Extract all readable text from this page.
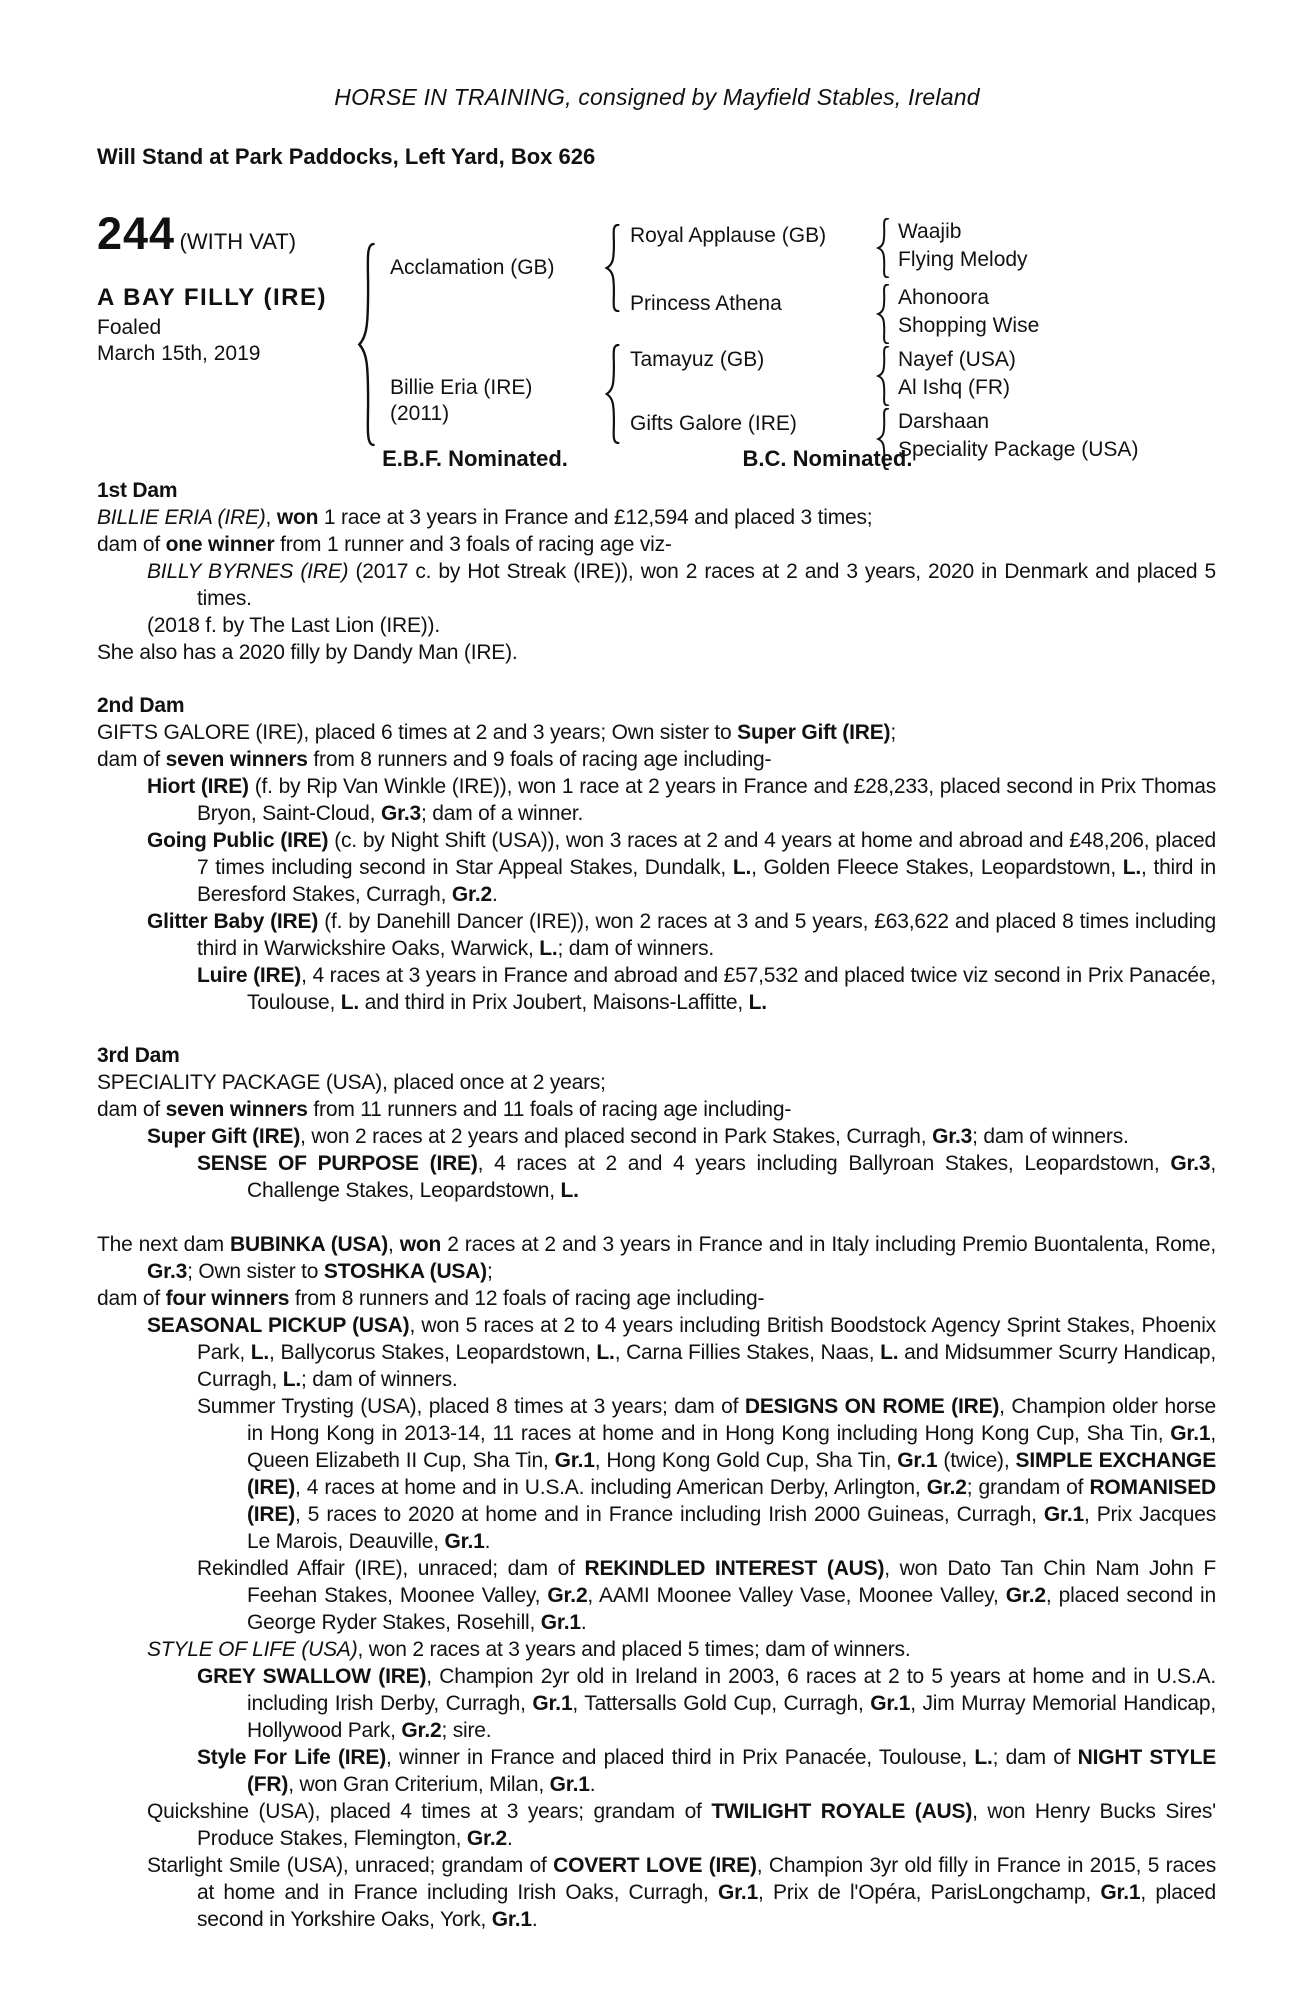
HORSE IN TRAINING, consigned by Mayfield Stables, Ireland
Will Stand at Park Paddocks, Left Yard, Box 626
244 (WITH VAT)
A BAY FILLY (IRE)
Foaled
March 15th, 2019
Acclamation (GB)
Billie Eria (IRE)
(2011)
Royal Applause (GB)
Princess Athena
Tamayuz (GB)
Gifts Galore (IRE)
Waajib
Flying Melody
Ahonoora
Shopping Wise
Nayef (USA)
Al Ishq (FR)
Darshaan
Speciality Package (USA)
E.B.F. Nominated.	B.C. Nominated.
1st Dam
BILLIE ERIA (IRE), won 1 race at 3 years in France and £12,594 and placed 3 times;
dam of one winner from 1 runner and 3 foals of racing age viz-
BILLY BYRNES (IRE) (2017 c. by Hot Streak (IRE)), won 2 races at 2 and 3 years, 2020 in Denmark and placed 5 times.
(2018 f. by The Last Lion (IRE)).
She also has a 2020 filly by Dandy Man (IRE).
2nd Dam
GIFTS GALORE (IRE), placed 6 times at 2 and 3 years; Own sister to Super Gift (IRE);
dam of seven winners from 8 runners and 9 foals of racing age including-
Hiort (IRE) (f. by Rip Van Winkle (IRE)), won 1 race at 2 years in France and £28,233, placed second in Prix Thomas Bryon, Saint-Cloud, Gr.3; dam of a winner.
Going Public (IRE) (c. by Night Shift (USA)), won 3 races at 2 and 4 years at home and abroad and £48,206, placed 7 times including second in Star Appeal Stakes, Dundalk, L., Golden Fleece Stakes, Leopardstown, L., third in Beresford Stakes, Curragh, Gr.2.
Glitter Baby (IRE) (f. by Danehill Dancer (IRE)), won 2 races at 3 and 5 years, £63,622 and placed 8 times including third in Warwickshire Oaks, Warwick, L.; dam of winners.
Luire (IRE), 4 races at 3 years in France and abroad and £57,532 and placed twice viz second in Prix Panacée, Toulouse, L. and third in Prix Joubert, Maisons-Laffitte, L.
3rd Dam
SPECIALITY PACKAGE (USA), placed once at 2 years;
dam of seven winners from 11 runners and 11 foals of racing age including-
Super Gift (IRE), won 2 races at 2 years and placed second in Park Stakes, Curragh, Gr.3; dam of winners.
SENSE OF PURPOSE (IRE), 4 races at 2 and 4 years including Ballyroan Stakes, Leopardstown, Gr.3, Challenge Stakes, Leopardstown, L.
The next dam BUBINKA (USA), won 2 races at 2 and 3 years in France and in Italy including Premio Buontalenta, Rome, Gr.3; Own sister to STOSHKA (USA);
dam of four winners from 8 runners and 12 foals of racing age including-
SEASONAL PICKUP (USA), won 5 races at 2 to 4 years including British Boodstock Agency Sprint Stakes, Phoenix Park, L., Ballycorus Stakes, Leopardstown, L., Carna Fillies Stakes, Naas, L. and Midsummer Scurry Handicap, Curragh, L.; dam of winners.
Summer Trysting (USA), placed 8 times at 3 years; dam of DESIGNS ON ROME (IRE), Champion older horse in Hong Kong in 2013-14, 11 races at home and in Hong Kong including Hong Kong Cup, Sha Tin, Gr.1, Queen Elizabeth II Cup, Sha Tin, Gr.1, Hong Kong Gold Cup, Sha Tin, Gr.1 (twice), SIMPLE EXCHANGE (IRE), 4 races at home and in U.S.A. including American Derby, Arlington, Gr.2; grandam of ROMANISED (IRE), 5 races to 2020 at home and in France including Irish 2000 Guineas, Curragh, Gr.1, Prix Jacques Le Marois, Deauville, Gr.1.
Rekindled Affair (IRE), unraced; dam of REKINDLED INTEREST (AUS), won Dato Tan Chin Nam John F Feehan Stakes, Moonee Valley, Gr.2, AAMI Moonee Valley Vase, Moonee Valley, Gr.2, placed second in George Ryder Stakes, Rosehill, Gr.1.
STYLE OF LIFE (USA), won 2 races at 3 years and placed 5 times; dam of winners.
GREY SWALLOW (IRE), Champion 2yr old in Ireland in 2003, 6 races at 2 to 5 years at home and in U.S.A. including Irish Derby, Curragh, Gr.1, Tattersalls Gold Cup, Curragh, Gr.1, Jim Murray Memorial Handicap, Hollywood Park, Gr.2; sire.
Style For Life (IRE), winner in France and placed third in Prix Panacée, Toulouse, L.; dam of NIGHT STYLE (FR), won Gran Criterium, Milan, Gr.1.
Quickshine (USA), placed 4 times at 3 years; grandam of TWILIGHT ROYALE (AUS), won Henry Bucks Sires' Produce Stakes, Flemington, Gr.2.
Starlight Smile (USA), unraced; grandam of COVERT LOVE (IRE), Champion 3yr old filly in France in 2015, 5 races at home and in France including Irish Oaks, Curragh, Gr.1, Prix de l'Opéra, ParisLongchamp, Gr.1, placed second in Yorkshire Oaks, York, Gr.1.
